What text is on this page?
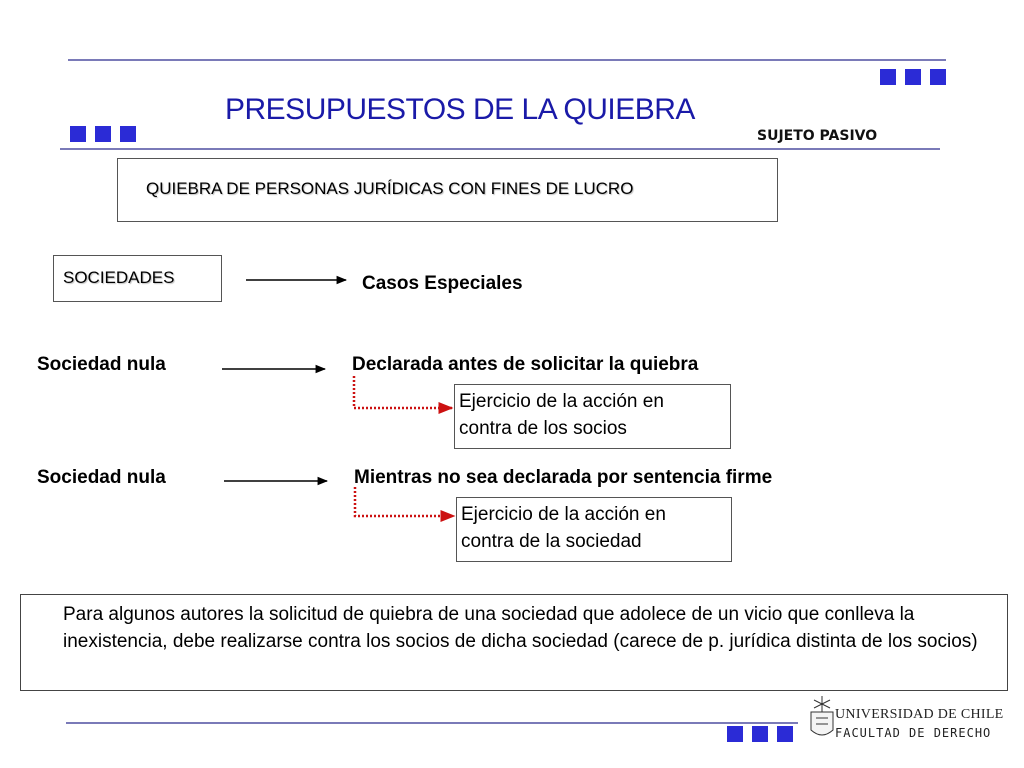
PRESUPUESTOS DE LA QUIEBRA
SUJETO PASIVO
QUIEBRA DE PERSONAS JURÍDICAS CON FINES DE LUCRO
SOCIEDADES	Casos Especiales
Sociedad nula	Declarada antes de solicitar la quiebra
Ejercicio de la acción en
contra de los socios
Sociedad nula	Mientras no sea declarada por sentencia firme
Ejercicio de la acción en
contra de la sociedad
Para algunos autores la solicitud de quiebra de una sociedad que adolece de un vicio que conlleva la inexistencia, debe realizarse contra los socios de dicha sociedad (carece de p. jurídica distinta de los socios)
UNIVERSIDAD DE CHILE
FACULTAD DE DERECHO
